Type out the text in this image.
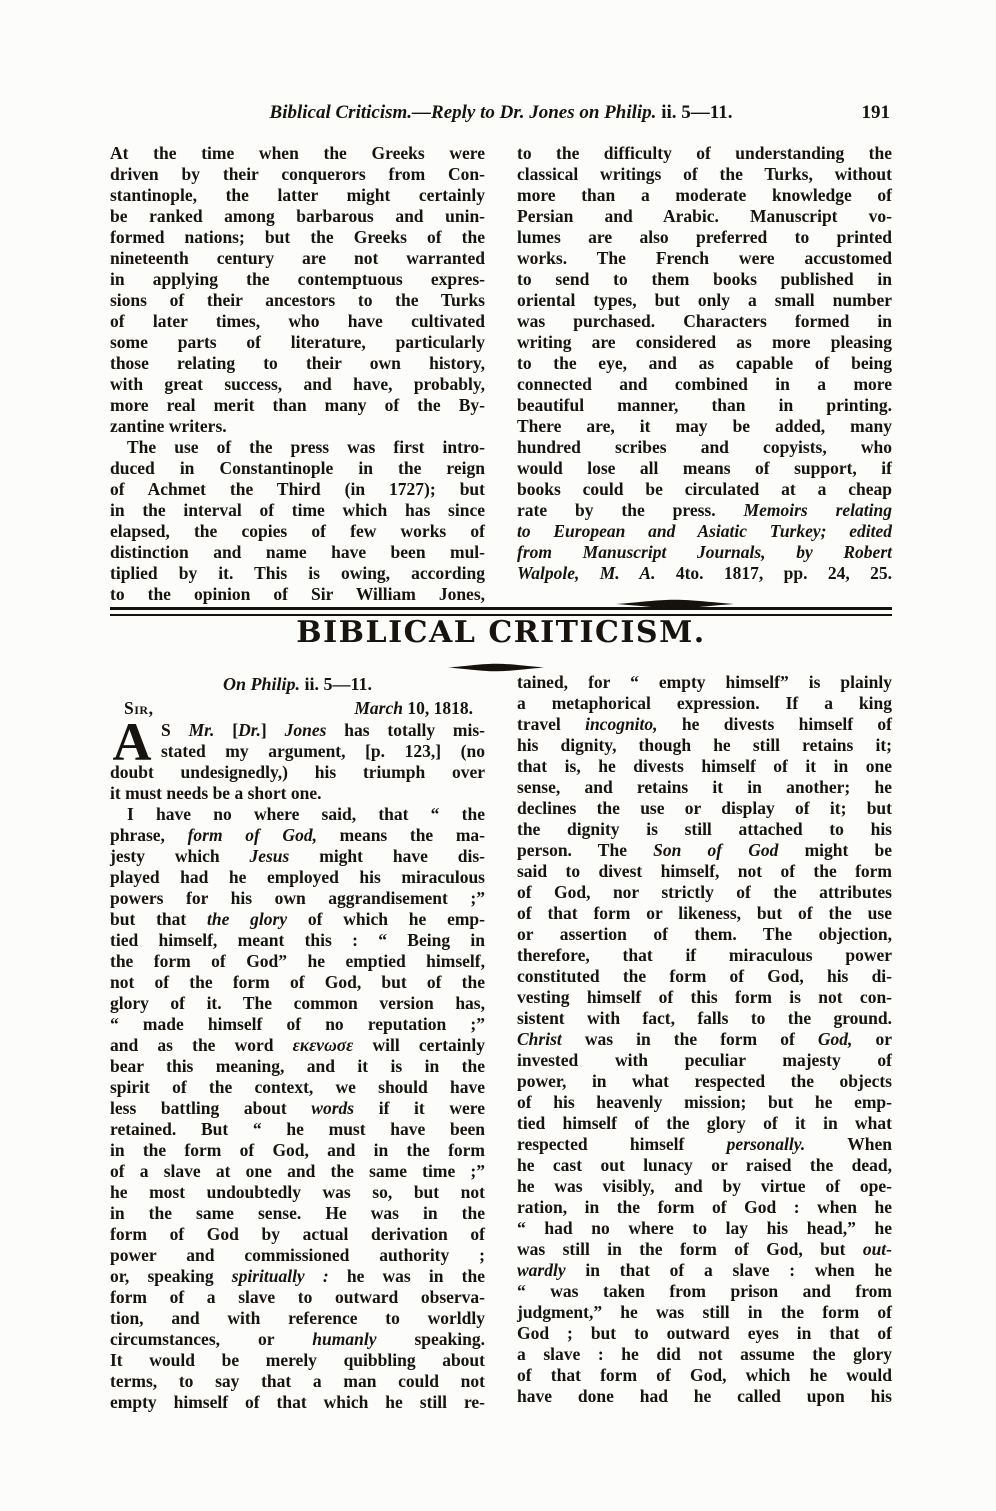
Biblical Criticism.—Reply to Dr. Jones on Philip. ii. 5—11.	191
At the time when the Greeks were
driven by their conquerors from Con-
stantinople, the latter might certainly
be ranked among barbarous and unin-
formed nations; but the Greeks of the
nineteenth century are not warranted
in applying the contemptuous expres-
sions of their ancestors to the Turks
of later times, who have cultivated
some parts of literature, particularly
those relating to their own history,
with great success, and have, probably,
more real merit than many of the By-
zantine writers.
The use of the press was first intro-
duced in Constantinople in the reign
of Achmet the Third (in 1727); but
in the interval of time which has since
elapsed, the copies of few works of
distinction and name have been mul-
tiplied by it. This is owing, according
to the opinion of Sir William Jones,
to the difficulty of understanding the
classical writings of the Turks, without
more than a moderate knowledge of
Persian and Arabic. Manuscript vo-
lumes are also preferred to printed
works. The French were accustomed
to send to them books published in
oriental types, but only a small number
was purchased. Characters formed in
writing are considered as more pleasing
to the eye, and as capable of being
connected and combined in a more
beautiful manner, than in printing.
There are, it may be added, many
hundred scribes and copyists, who
would lose all means of support, if
books could be circulated at a cheap
rate by the press. Memoirs relating
to European and Asiatic Turkey; edited
from Manuscript Journals, by Robert
Walpole, M. A. 4to. 1817, pp. 24, 25.
BIBLICAL CRITICISM.
On Philip. ii. 5—11.
Sir,	March 10, 1818.
A S Mr. [Dr.] Jones has totally mis-
stated my argument, [p. 123,] (no
doubt undesignedly,) his triumph over
it must needs be a short one.
I have no where said, that “ the
phrase, form of God, means the ma-
jesty which Jesus might have dis-
played had he employed his miraculous
powers for his own aggrandisement ;”
but that the glory of which he emp-
tied himself, meant this : “ Being in
the form of God” he emptied himself,
not of the form of God, but of the
glory of it. The common version has,
“ made himself of no reputation ;”
and as the word εκενωσε will certainly
bear this meaning, and it is in the
spirit of the context, we should have
less battling about words if it were
retained. But “ he must have been
in the form of God, and in the form
of a slave at one and the same time ;”
he most undoubtedly was so, but not
in the same sense. He was in the
form of God by actual derivation of
power and commissioned authority ;
or, speaking spiritually : he was in the
form of a slave to outward observa-
tion, and with reference to worldly
circumstances, or humanly speaking.
It would be merely quibbling about
terms, to say that a man could not
empty himself of that which he still re-
tained, for “ empty himself” is plainly
a metaphorical expression. If a king
travel incognito, he divests himself of
his dignity, though he still retains it;
that is, he divests himself of it in one
sense, and retains it in another; he
declines the use or display of it; but
the dignity is still attached to his
person. The Son of God might be
said to divest himself, not of the form
of God, nor strictly of the attributes
of that form or likeness, but of the use
or assertion of them. The objection,
therefore, that if miraculous power
constituted the form of God, his di-
vesting himself of this form is not con-
sistent with fact, falls to the ground.
Christ was in the form of God, or
invested with peculiar majesty of
power, in what respected the objects
of his heavenly mission; but he emp-
tied himself of the glory of it in what
respected himself personally. When
he cast out lunacy or raised the dead,
he was visibly, and by virtue of ope-
ration, in the form of God : when he
“ had no where to lay his head,” he
was still in the form of God, but out-
wardly in that of a slave : when he
“ was taken from prison and from
judgment,” he was still in the form of
God ; but to outward eyes in that of
a slave : he did not assume the glory
of that form of God, which he would
have done had he called upon his
